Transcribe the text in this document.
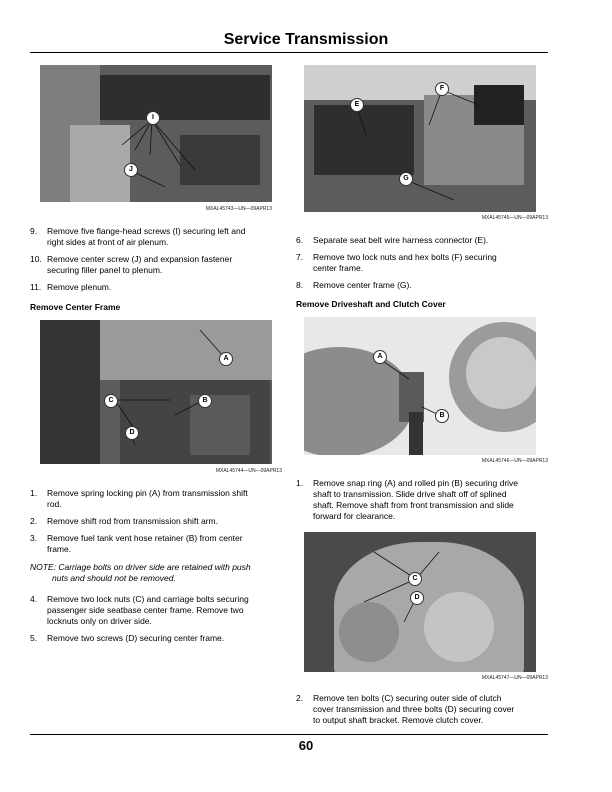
Service Transmission
I
J
MXAL45743—UN—09APR13
E
F
G
MXAL45745—UN—09APR13
9. Remove five flange-head screws (I) securing left and
right sides at front of air plenum.
10. Remove center screw (J) and expansion fastener
securing filler panel to plenum.
11. Remove plenum.
Remove Center Frame
A
B
C
D
MXAL45744—UN—09APR13
1. Remove spring locking pin (A) from transmission shift
rod.
2. Remove shift rod from transmission shift arm.
3. Remove fuel tank vent hose retainer (B) from center
frame.
NOTE: Carriage bolts on driver side are retained with push
nuts and should not be removed.
4. Remove two lock nuts (C) and carriage bolts securing
passenger side seatbase center frame. Remove two
locknuts only on driver side.
5. Remove two screws (D) securing center frame.
6. Separate seat belt wire harness connector (E).
7. Remove two lock nuts and hex bolts (F) securing
center frame.
8. Remove center frame (G).
Remove Driveshaft and Clutch Cover
A
B
MXAL45746—UN—09APR13
1. Remove snap ring (A) and rolled pin (B) securing drive
shaft to transmission. Slide drive shaft off of splined
shaft. Remove shaft from front transmission and slide
forward for clearance.
C
D
MXAL45747—UN—09APR13
2. Remove ten bolts (C) securing outer side of clutch
cover transmission and three bolts (D) securing cover
to output shaft bracket. Remove clutch cover.
60
